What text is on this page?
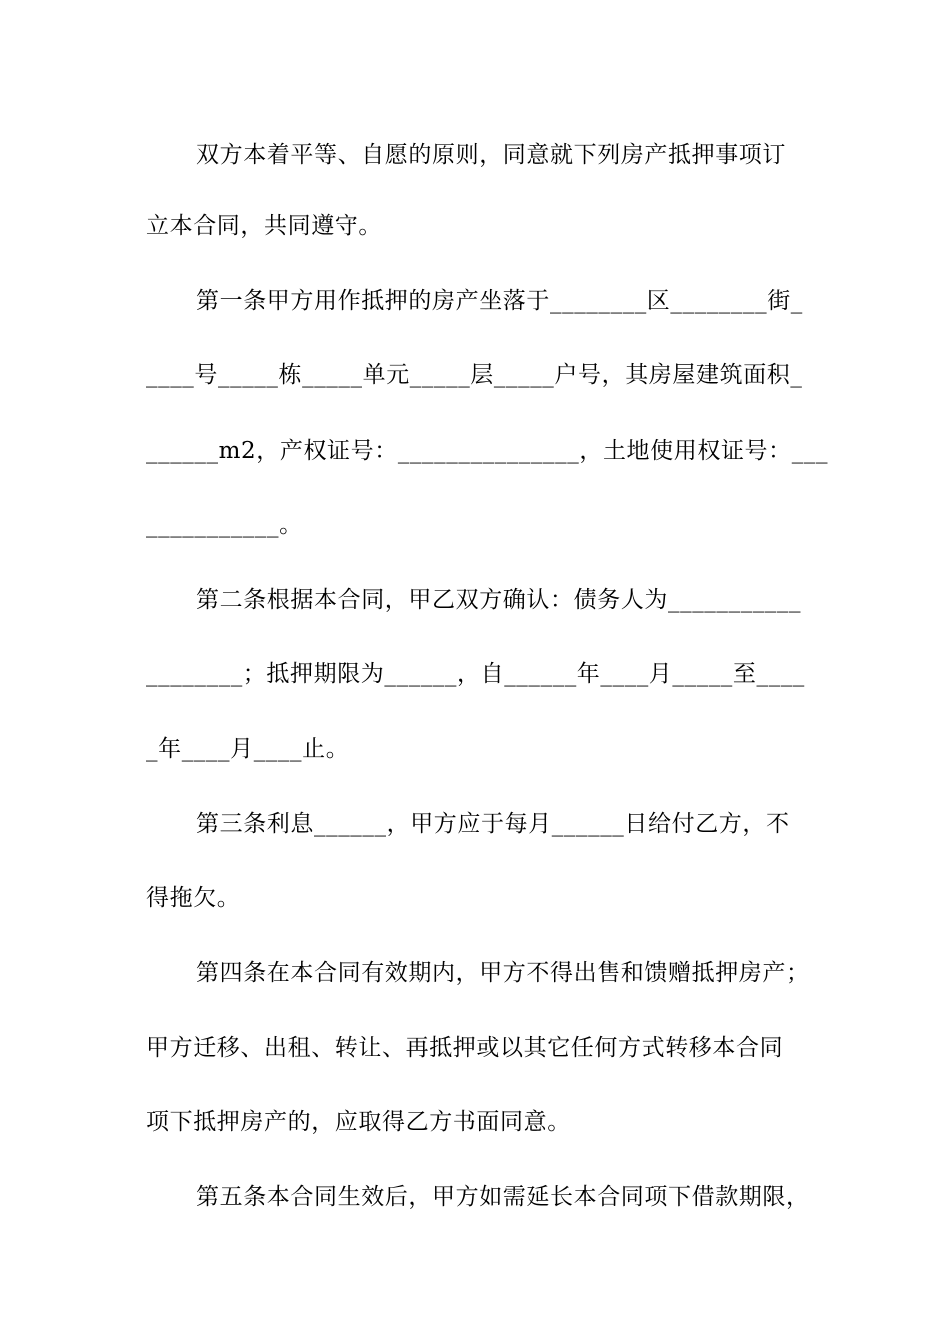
双方本着平等、自愿的原则，同意就下列房产抵押事项订
立本合同，共同遵守。
第一条甲方用作抵押的房产坐落于________区________街_
____号_____栋_____单元_____层_____户号，其房屋建筑面积_
______m2，产权证号：_______________，土地使用权证号：___
___________。
第二条根据本合同，甲乙双方确认：债务人为___________
________；抵押期限为______，自______年____月_____至____
_年____月____止。
第三条利息______，甲方应于每月______日给付乙方，不
得拖欠。
第四条在本合同有效期内，甲方不得出售和馈赠抵押房产；
甲方迁移、出租、转让、再抵押或以其它任何方式转移本合同
项下抵押房产的，应取得乙方书面同意。
第五条本合同生效后，甲方如需延长本合同项下借款期限，
